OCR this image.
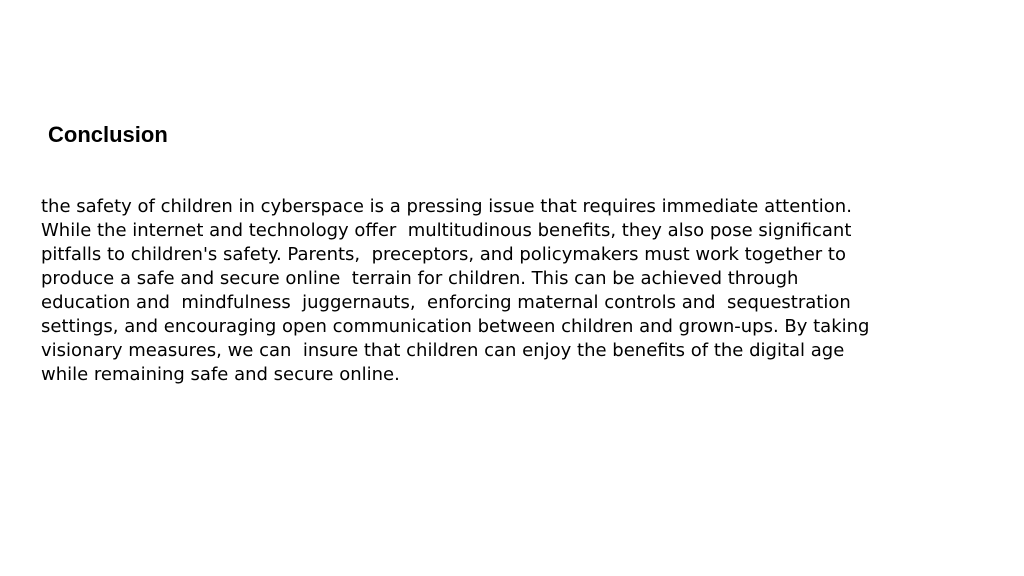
Conclusion

the safety of children in cyberspace is a pressing issue that requires immediate attention.
While the internet and technology offer  multitudinous benefits, they also pose significant
pitfalls to children's safety. Parents,  preceptors, and policymakers must work together to
produce a safe and secure online  terrain for children. This can be achieved through
education and  mindfulness  juggernauts,  enforcing maternal controls and  sequestration
settings, and encouraging open communication between children and grown-ups. By taking
visionary measures, we can  insure that children can enjoy the benefits of the digital age
while remaining safe and secure online.
